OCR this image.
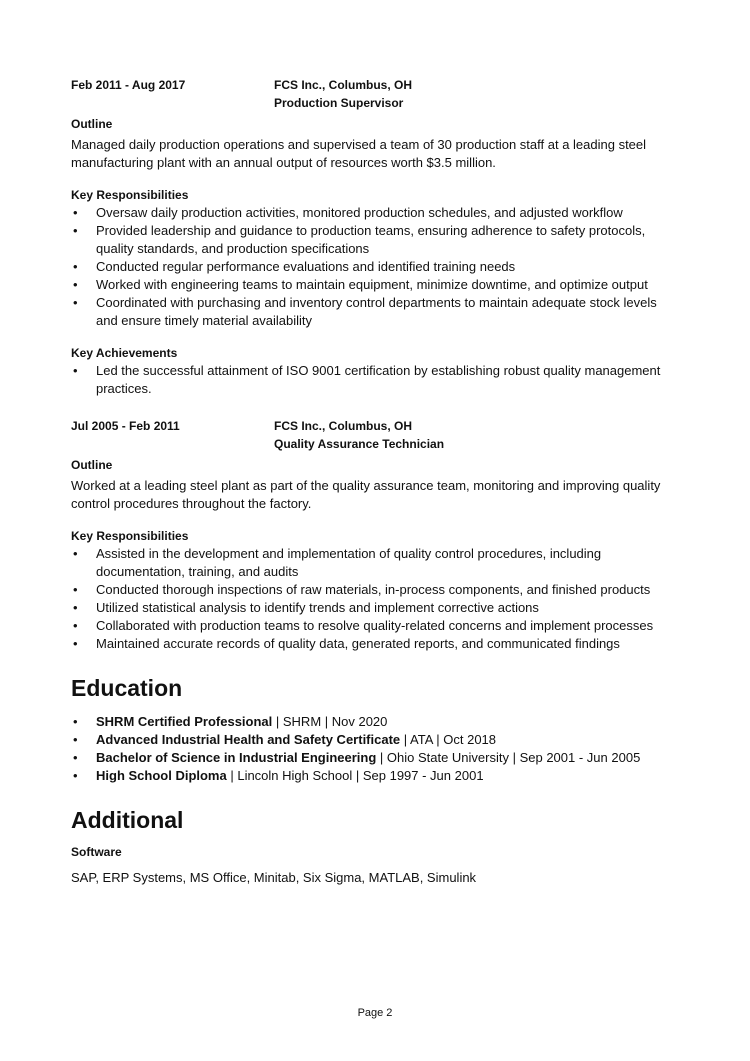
Feb 2011 - Aug 2017	FCS Inc., Columbus, OH
Production Supervisor
Outline

Managed daily production operations and supervised a team of 30 production staff at a leading steel manufacturing plant with an annual output of resources worth $3.5 million.

Key Responsibilities
• Oversaw daily production activities, monitored production schedules, and adjusted workflow
• Provided leadership and guidance to production teams, ensuring adherence to safety protocols, quality standards, and production specifications
• Conducted regular performance evaluations and identified training needs
• Worked with engineering teams to maintain equipment, minimize downtime, and optimize output
• Coordinated with purchasing and inventory control departments to maintain adequate stock levels and ensure timely material availability
Key Achievements
• Led the successful attainment of ISO 9001 certification by establishing robust quality management practices.
Jul 2005 - Feb 2011	FCS Inc., Columbus, OH
Quality Assurance Technician
Outline

Worked at a leading steel plant as part of the quality assurance team, monitoring and improving quality control procedures throughout the factory.

Key Responsibilities
• Assisted in the development and implementation of quality control procedures, including documentation, training, and audits
• Conducted thorough inspections of raw materials, in-process components, and finished products
• Utilized statistical analysis to identify trends and implement corrective actions
• Collaborated with production teams to resolve quality-related concerns and implement processes
• Maintained accurate records of quality data, generated reports, and communicated findings
Education
• SHRM Certified Professional | SHRM | Nov 2020
• Advanced Industrial Health and Safety Certificate | ATA | Oct 2018
• Bachelor of Science in Industrial Engineering | Ohio State University | Sep 2001 - Jun 2005
• High School Diploma | Lincoln High School | Sep 1997 - Jun 2001
Additional
Software

SAP, ERP Systems, MS Office, Minitab, Six Sigma, MATLAB, Simulink

Page 2
